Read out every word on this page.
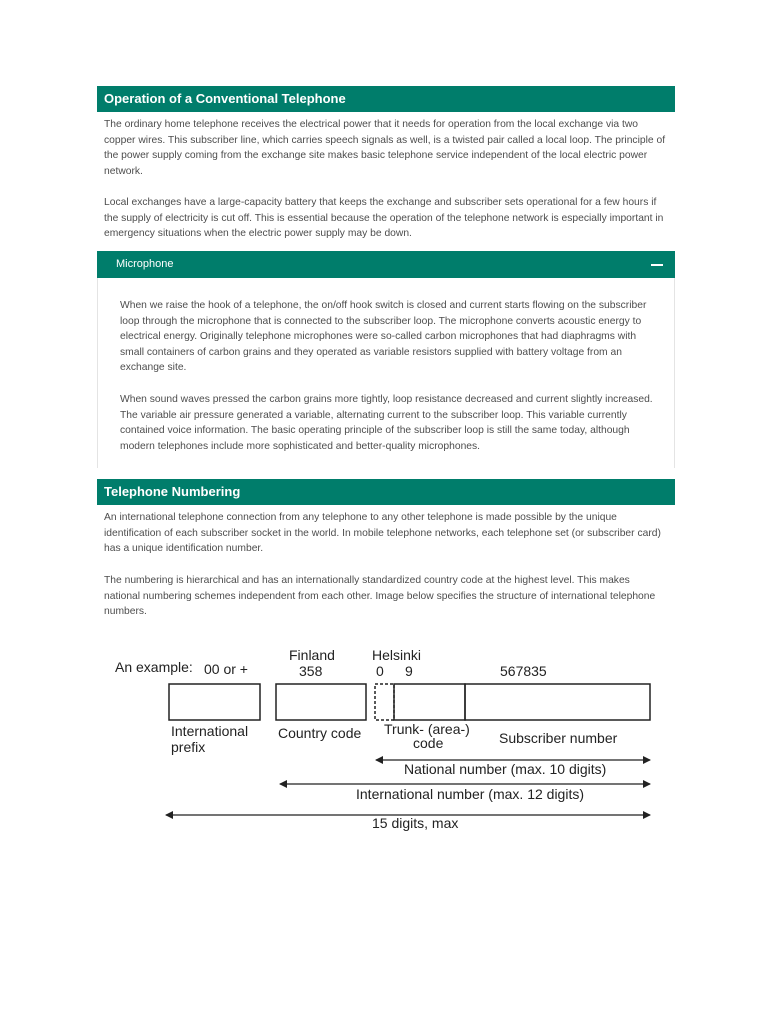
Operation of a Conventional Telephone

The ordinary home telephone receives the electrical power that it needs for operation from the local exchange via two copper wires. This subscriber line, which carries speech signals as well, is a twisted pair called a local loop. The principle of the power supply coming from the exchange site makes basic telephone service independent of the local electric power network.

Local exchanges have a large-capacity battery that keeps the exchange and subscriber sets operational for a few hours if the supply of electricity is cut off. This is essential because the operation of the telephone network is especially important in emergency situations when the electric power supply may be down.

Microphone

When we raise the hook of a telephone, the on/off hook switch is closed and current starts flowing on the subscriber loop through the microphone that is connected to the subscriber loop. The microphone converts acoustic energy to electrical energy. Originally telephone microphones were so-called carbon microphones that had diaphragms with small containers of carbon grains and they operated as variable resistors supplied with battery voltage from an exchange site.

When sound waves pressed the carbon grains more tightly, loop resistance decreased and current slightly increased. The variable air pressure generated a variable, alternating current to the subscriber loop. This variable currently contained voice information. The basic operating principle of the subscriber loop is still the same today, although modern telephones include more sophisticated and better-quality microphones.

Telephone Numbering

An international telephone connection from any telephone to any other telephone is made possible by the unique identification of each subscriber socket in the world. In mobile telephone networks, each telephone set (or subscriber card) has a unique identification number.

The numbering is hierarchical and has an internationally standardized country code at the highest level. This makes national numbering schemes independent from each other. Image below specifies the structure of international telephone numbers.

An example: 00 or +
Finland
358
Helsinki
0 9	567835
International
prefix
Country code Trunk- (area-)
code	Subscriber number
National number (max. 10 digits)
International number (max. 12 digits)
15 digits, max
